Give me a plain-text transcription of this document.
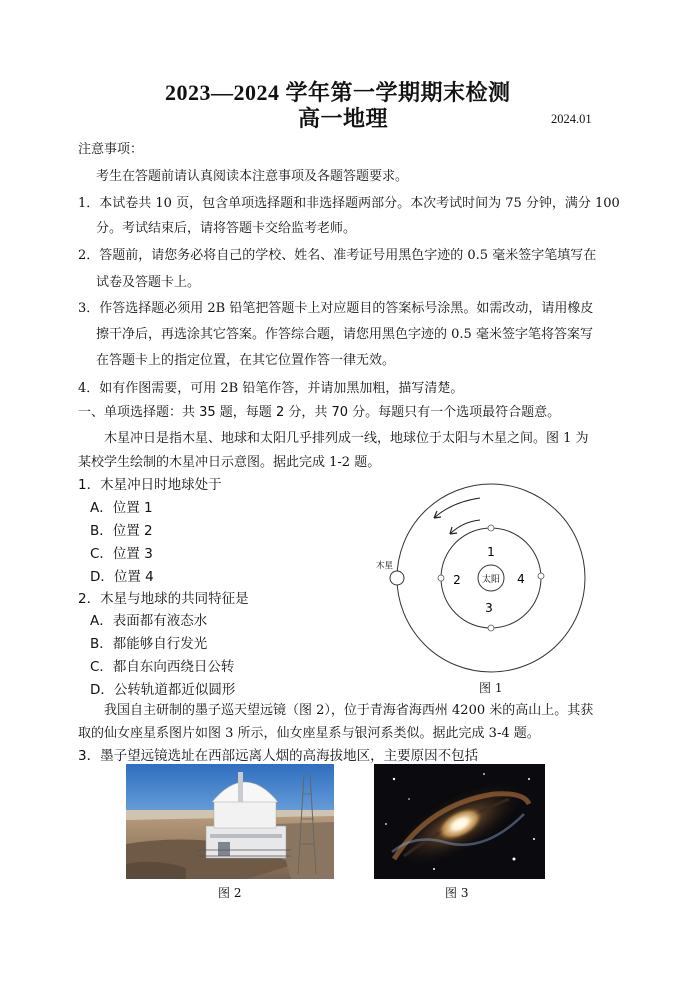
2023—2024 学年第一学期期末检测
高一地理	2024.01
注意事项：
考生在答题前请认真阅读本注意事项及各题答题要求。
1．本试卷共 10 页，包含单项选择题和非选择题两部分。本次考试时间为 75 分钟，满分 100
分。考试结束后，请将答题卡交给监考老师。
2．答题前，请您务必将自己的学校、姓名、准考证号用黑色字迹的 0.5 毫米签字笔填写在
试卷及答题卡上。
3．作答选择题必须用 2B 铅笔把答题卡上对应题目的答案标号涂黑。如需改动，请用橡皮
擦干净后，再选涂其它答案。作答综合题，请您用黑色字迹的 0.5 毫米签字笔将答案写
在答题卡上的指定位置，在其它位置作答一律无效。
4．如有作图需要，可用 2B 铅笔作答，并请加黑加粗，描写清楚。
一、单项选择题：共 35 题，每题 2 分，共 70 分。每题只有一个选项最符合题意。
木星冲日是指木星、地球和太阳几乎排列成一线，地球位于太阳与木星之间。图 1 为
某校学生绘制的木星冲日示意图。据此完成 1-2 题。
1．木星冲日时地球处于
A．位置 1
B．位置 2
C．位置 3
D．位置 4
2．木星与地球的共同特征是
A．表面都有液态水
B．都能够自行发光
C．都自东向西绕日公转
D．公转轨道都近似圆形
太阳
木星
1
2
3
4
图 1
我国自主研制的墨子巡天望远镜（图 2），位于青海省海西州 4200 米的高山上。其获
取的仙女座星系图片如图 3 所示，仙女座星系与银河系类似。据此完成 3-4 题。
3．墨子望远镜选址在西部远离人烟的高海拔地区，主要原因不包括
图 2	图 3
